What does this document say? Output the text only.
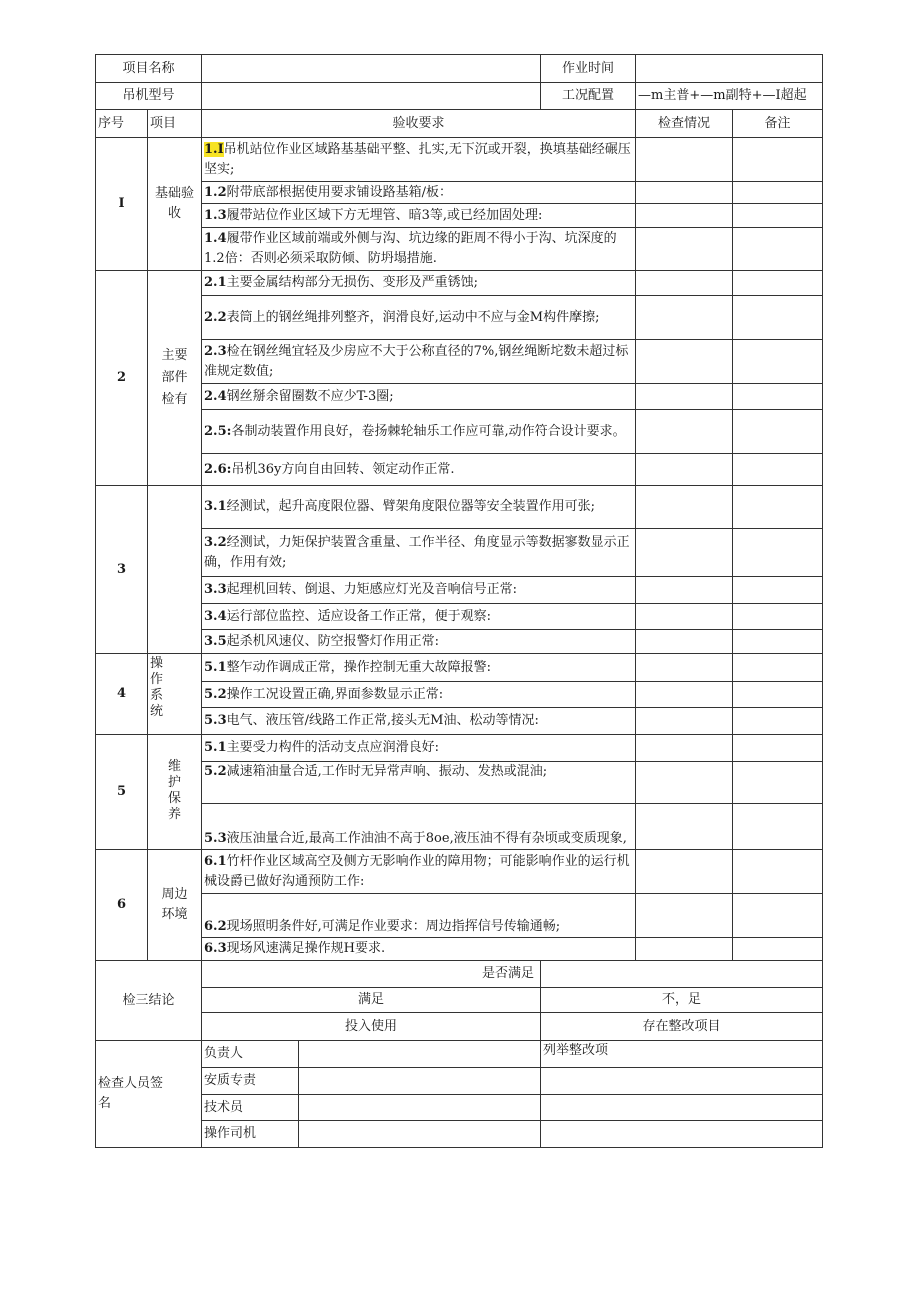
项目名称				作业时间		
吊机型号				工况配置	—m主普+—m副特+—I超起	
序号	项目	验收要求			检查情况	备注
I	基础验收	1.I吊机站位作业区域路基基础平整、扎实,无下沉或开裂，换填基础经碾压坚实;				
		1.2附带底部根据使用要求铺设路基箱/板：				
		1.3履带站位作业区域下方无埋管、暗3等,或已经加固处理:				
		1.4履带作业区域前端或外侧与沟、坑边缘的距周不得小于沟、坑深度的1.2倍：否则必须采取防倾、防坍塌措施.				
2	主要部件检有	2.1主要金属结构部分无损伤、变形及严重锈蚀;				
		2.2表筒上的钢丝绳排列整齐，润滑良好,运动中不应与金M构件摩擦;				
		2.3检在钢丝绳宜轻及少房应不大于公称直径的7%,钢丝绳断坨数未超过标准规定数值;				
		2.4钢丝掰余留圈数不应少T-3圈;				
		2.5:各制动装置作用良好，卷扬棘轮轴乐工作应可靠,动作符合设计要求。				
		2.6:吊机36y方向自由回转、领定动作正常.				
3		3.1经测试，起升高度限位器、臂架角度限位器等安全装置作用可张;				
		3.2经测试，力矩保护装置含重量、工作半径、角度显示等数据寥数显示正确，作用有效;				
		3.3起理机回转、倒退、力矩感应灯光及音响信号正常:				
		3.4运行部位监控、适应设备工作正常，便于观察:				
		3.5起杀机风速仪、防空报警灯作用正常:				
4	操作系统	5.1整乍动作调成正常，操作控制无重大故障报警:				
		5.2操作工况设置正确,界面参数显示正常:				
		5.3电气、液压管/线路工作正常,接头无M油、松动等情况:				
5	维护保养	5.1主要受力构件的活动支点应润滑良好:				
		5.2减速箱油量合适,工作时无异常声响、振动、发热或混油;				
		5.3液压油量合近,最高工作油油不高于8oe,液压油不得有杂顷或变质现象,				
6	周边环境	6.1竹杆作业区域高空及侧方无影响作业的障用物；可能影响作业的运行机械设爵已做好沟通预防工作:				
		6.2现场照明条件好,可满足作业要求：周边指挥信号传输通畅;				
		6.3现场风速满足操作规H要求.				
检三结论		是否满足				
		满足		不，足		
		投入使用		存在整改项目		
检查人员签名		负责人		列举整改项		
		安质专责				
		技术员				
		操作司机				
